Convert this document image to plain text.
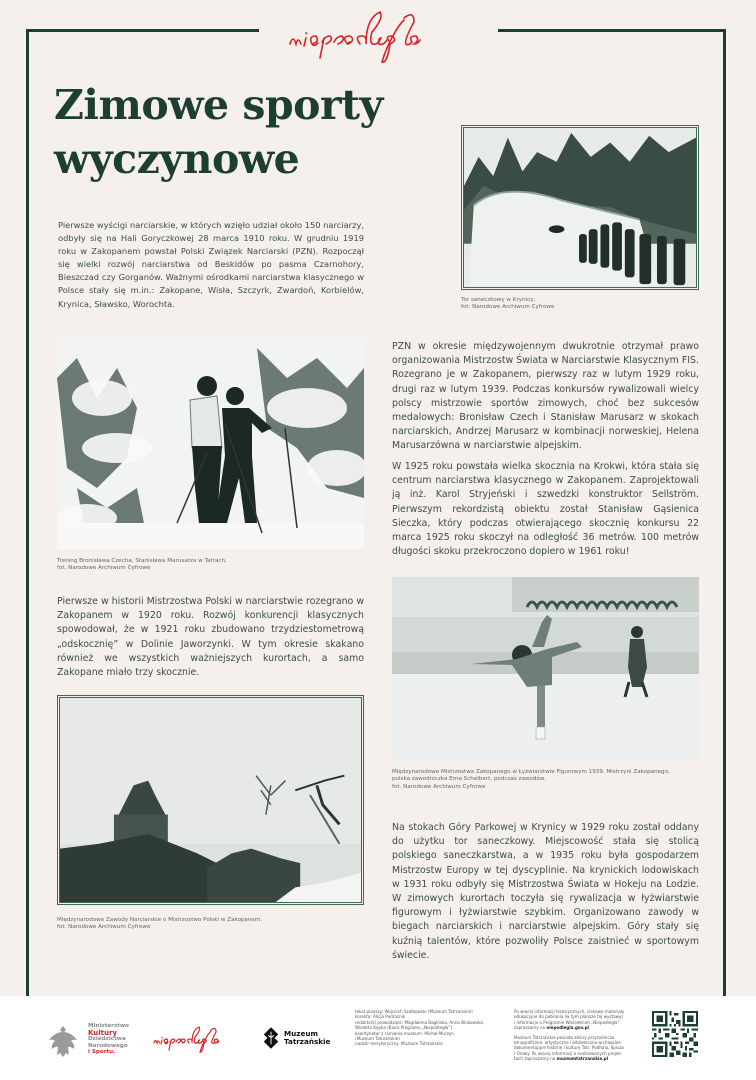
Zimowe sporty
wyczynowe

Pierwsze wyścigi narciarskie, w których wzięło udział około 150 narciarzy, odbyły się na Hali Goryczkowej 28 marca 1910 roku. W grudniu 1919 roku w Zakopanem powstał Polski Związek Narciarski (PZN). Rozpoczął się wielki rozwój narciarstwa od Beskidów po pasma Czarnohory, Bieszczad czy Gorganów. Ważnymi ośrodkami narciarstwa klasycznego w Polsce stały się m.in.: Zakopane, Wisła, Szczyrk, Zwardoń, Korbielów, Krynica, Sławsko, Worochta.	Tor saneczkowy w Krynicy,
fot. Narodowe Archiwum Cyfrowe

Trening Bronisława Czecha, Stanisława Marusarza w Tatrach,
fot. Narodowe Archiwum Cyfrowe

PZN w okresie międzywojennym dwukrotnie otrzymał prawo organizowania Mistrzostw Świata w Narciarstwie Klasycznym FIS. Rozegrano je w Zakopanem, pierwszy raz w lutym 1929 roku, drugi raz w lutym 1939. Podczas konkursów rywalizowali wielcy polscy mistrzowie sportów zimowych, choć bez sukcesów medalowych: Bronisław Czech i Stanisław Marusarz w skokach narciarskich, Andrzej Marusarz w kombinacji norweskiej, Helena Marusarzówna w narciarstwie alpejskim.

W 1925 roku powstała wielka skocznia na Krokwi, która stała się centrum narciarstwa klasycznego w Zakopanem. Zaprojektowali ją inż. Karol Stryjeński i szwedzki konstruktor Sellström. Pierwszym rekordzistą obiektu został Stanisław Gąsienica Sieczka, który podczas otwierającego skocznię konkursu 22 marca 1925 roku skoczył na odległość 36 metrów. 100 metrów długości skoku przekroczono dopiero w 1961 roku!

Pierwsze w historii Mistrzostwa Polski w narciarstwie rozegrano w Zakopanem w 1920 roku. Rozwój konkurencji klasycznych spowodował, że w 1921 roku zbudowano trzydziestometrową „odskocznię” w Dolinie Jaworzynki. W tym okresie skakano również we wszystkich ważniejszych kurortach, a samo Zakopane miało trzy skocznie.

Międzynarodowe Mistrzostwa Zakopanego w Łyżwiarstwie Figurowym 1939. Mistrzyni Zakopanego,
polska zawodniczka Erna Scheibert, podczas zawodów,
fot. Narodowe Archiwum Cyfrowe

Międzynarodowe Zawody Narciarskie o Mistrzostwo Polski w Zakopanem,
fot. Narodowe Archiwum Cyfrowe

Na stokach Góry Parkowej w Krynicy w 1929 roku został oddany do użytku tor saneczkowy. Miejscowość stała się stolicą polskiego saneczkarstwa, a w 1935 roku była gospodarzem Mistrzostw Europy w tej dyscyplinie. Na krynickich lodowiskach w 1931 roku odbyły się Mistrzostwa Świata w Hokeju na Lodzie. W zimowych kurortach toczyła się rywalizacja w łyżwiarstwie figurowym i łyżwiarstwie szybkim. Organizowano zawody w biegach narciarskich i narciarstwie alpejskim. Góry stały się kuźnią talentów, które pozwoliły Polsce zaistnieć w sportowym świecie.

Ministerstwo
Kultury
Dziedzictwa
Narodowego
i Sportu.
Muzeum
Tatrzańskie
tekst planszy: Wojciech Szatkowski (Muzeum Tatrzańskie)
korekta: Alicja Podraznik
redaktorki prowadzące: Magdalena Bagińska, Anna Binkowska,
Wioletta Kępka (Biuro Programu „Niepodległa”)
koordynator z ramienia muzeum: Michał Murzyn
(Muzeum Tatrzańskie)
nadzór merytoryczny: Muzeum Tatrzańskie
Po więcej informacji historycznych, ciekawe materiały
edukacyjne do pobrania (w tym plansze tej wystawy)
i informacje o Programie Wieloletnim „Niepodległa”
zapraszamy na niepodlegla.gov.pl
Muzeum Tatrzańskie posiada zbiory przyrodnicze,
etnograficzne, artystyczne i biblioteczno-archiwalne
dokumentujące historię i kulturę Tatr, Podhala, Spisza
i Orawy. Po więcej informacji o realizowanych projek-
tach zapraszamy na muzeumtatrzanskie.pl
